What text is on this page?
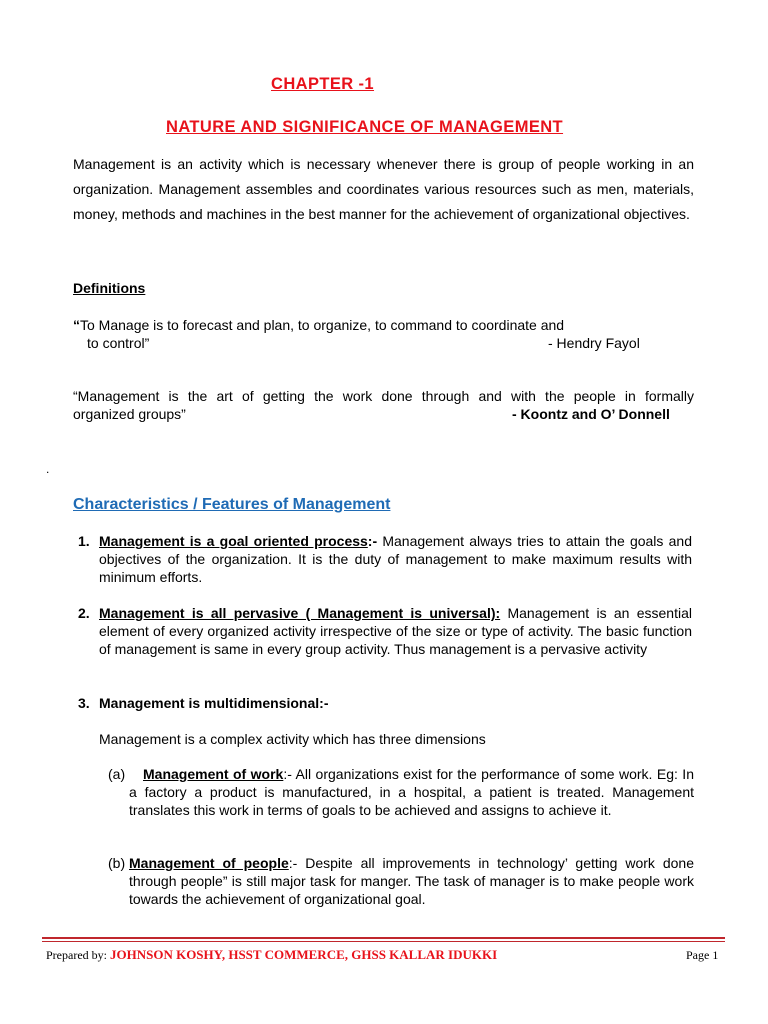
CHAPTER -1
NATURE AND SIGNIFICANCE OF MANAGEMENT

Management is an activity which is necessary whenever there is group of people working in an organization. Management assembles and coordinates various resources such as men, materials, money, methods and machines in the best manner for the achievement of organizational objectives.

Definitions
“To Manage is to forecast and plan, to organize, to command to coordinate and
to control”	- Hendry Fayol
“Management is the art of getting the work done through and with the people in formally
organized groups”	- Koontz and O’ Donnell
.
Characteristics / Features of Management
1. Management is a goal oriented process:- Management always tries to attain the goals and objectives of the organization. It is the duty of management to make maximum results with minimum efforts.
2. Management is all pervasive ( Management is universal): Management is an essential element of every organized activity irrespective of the size or type of activity. The basic function of management is same in every group activity. Thus management is a pervasive activity
3. Management is multidimensional:-
Management is a complex activity which has three dimensions
(a)	Management of work:- All organizations exist for the performance of some work. Eg: In a factory a product is manufactured, in a hospital, a patient is treated. Management translates this work in terms of goals to be achieved and assigns to achieve it.
(b) Management of people:- Despite all improvements in technology’ getting work done through people” is still major task for manger. The task of manager is to make people work towards the achievement of organizational goal.
Prepared by: JOHNSON KOSHY, HSST COMMERCE, GHSS KALLAR IDUKKI	Page 1
